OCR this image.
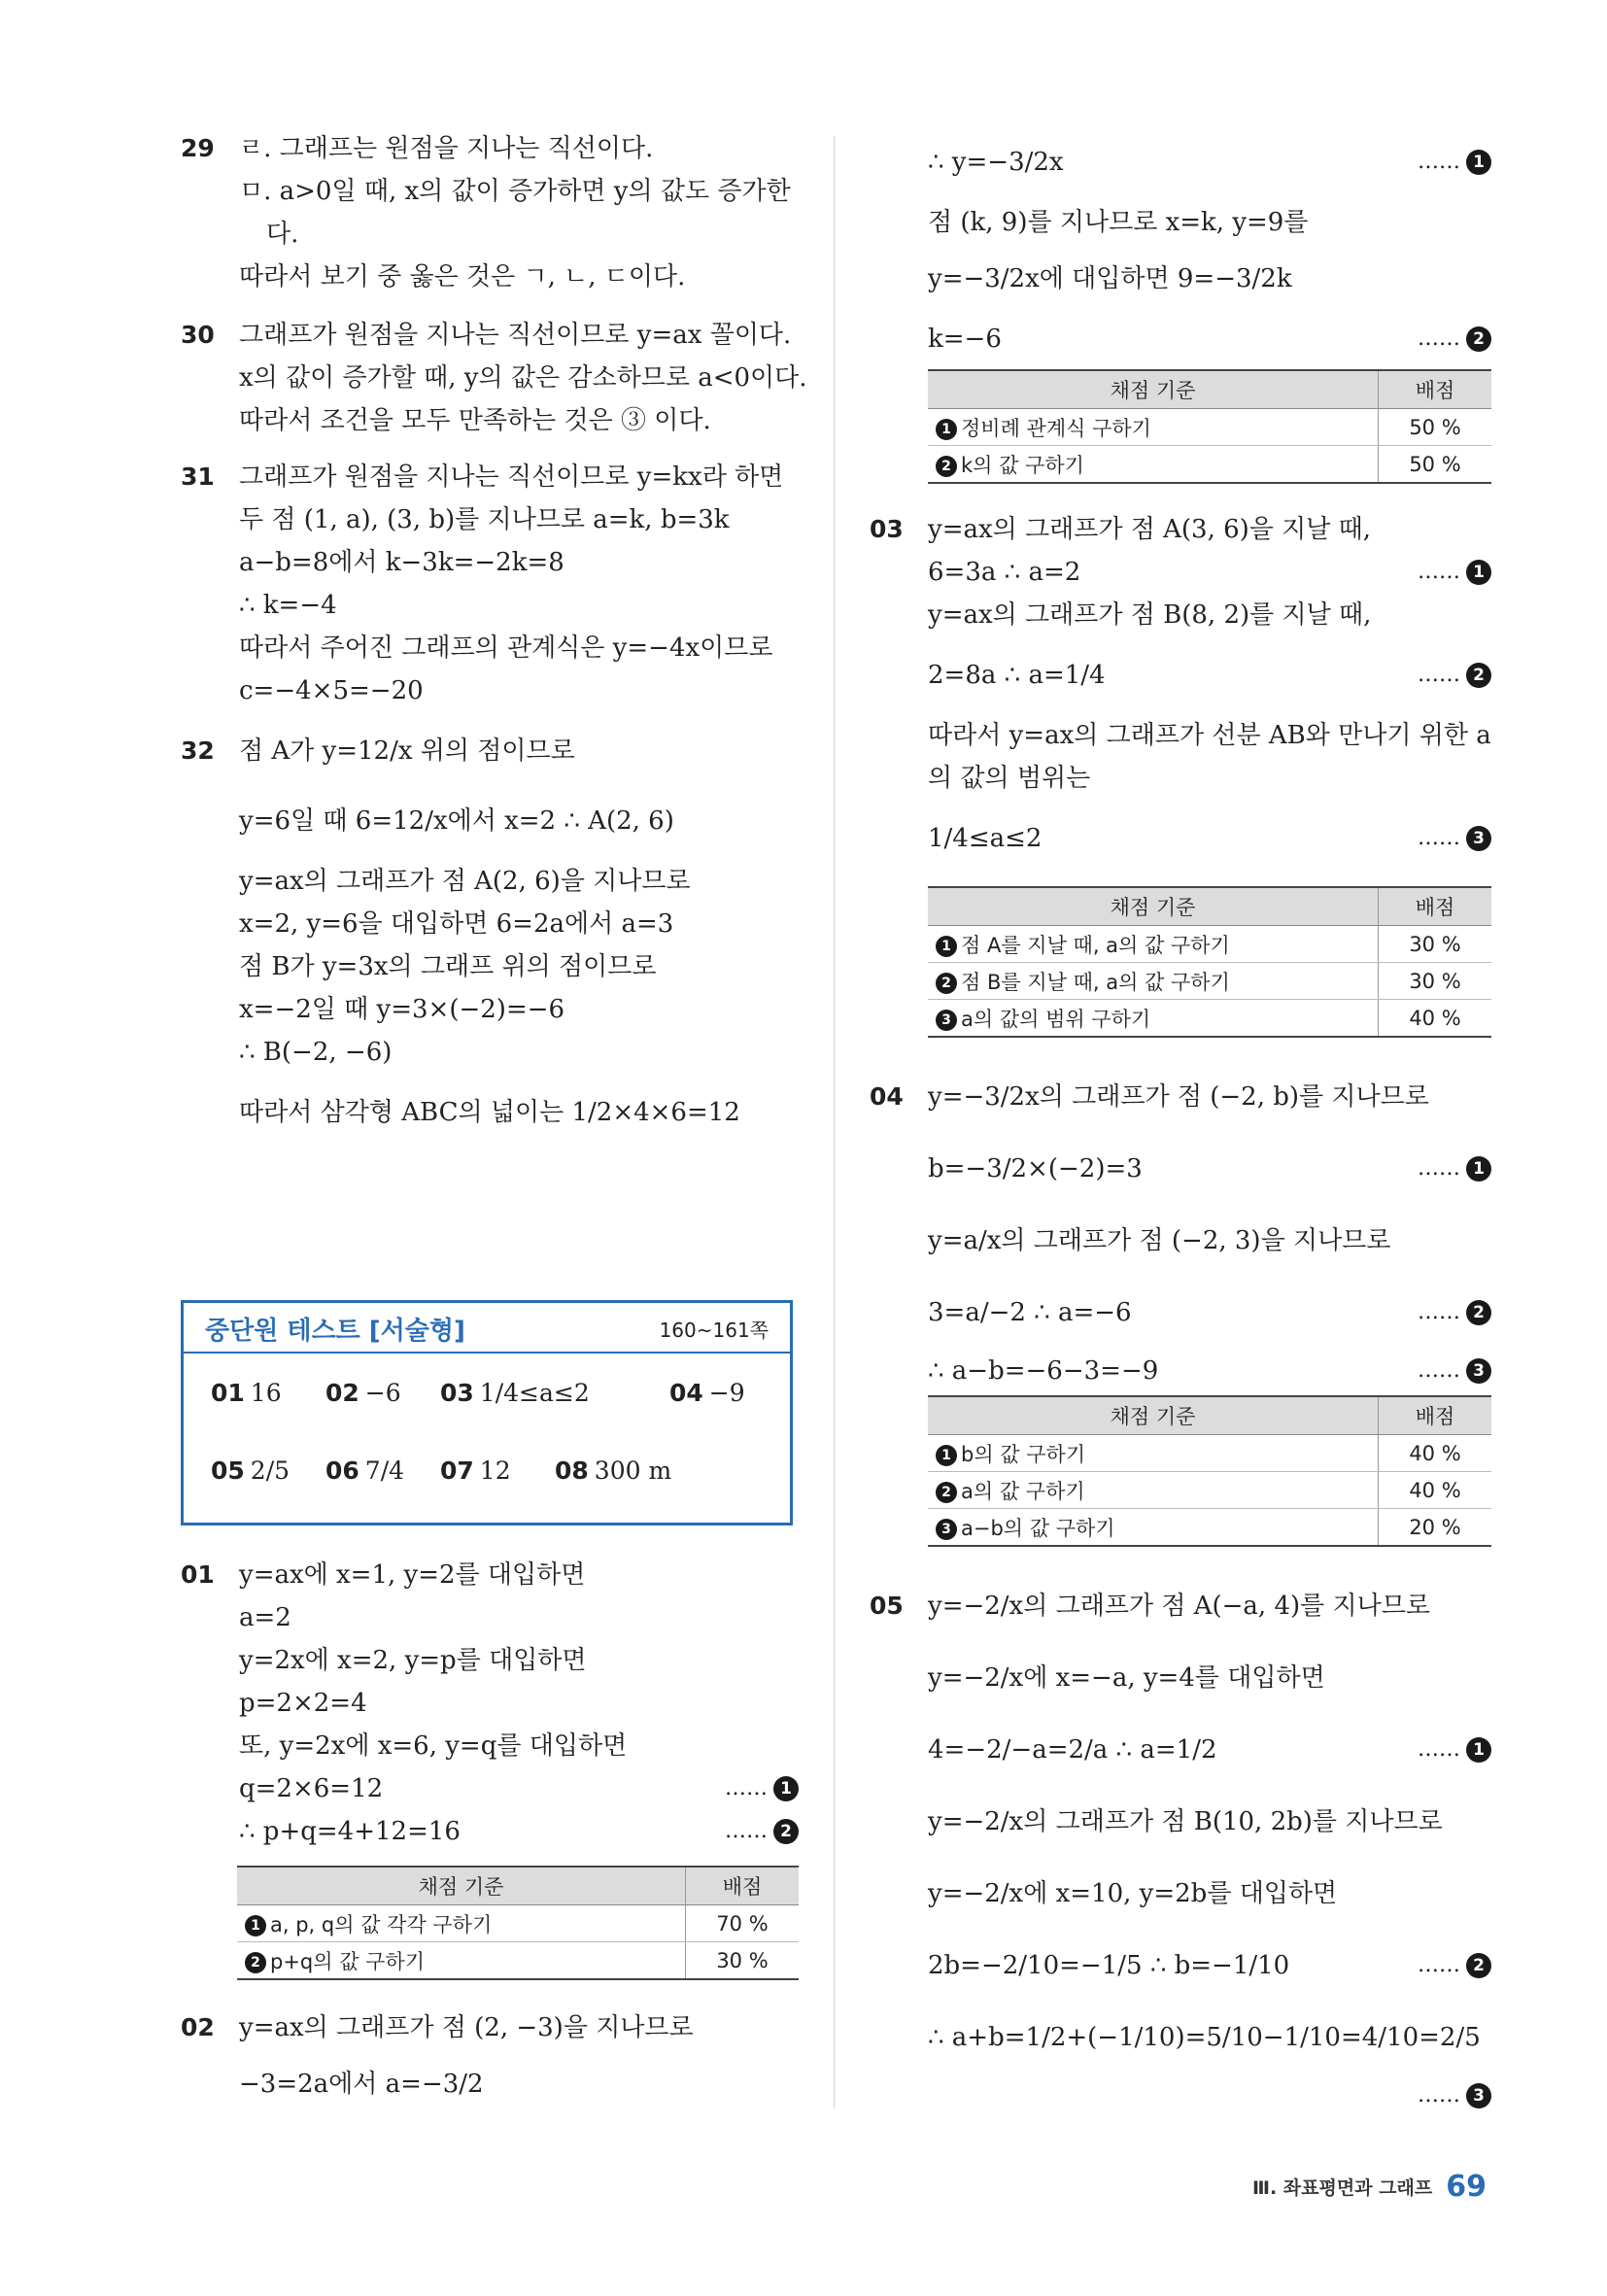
29 ㄹ. 그래프는 원점을 지나는 직선이다.
ㅁ. a>0일 때, x의 값이 증가하면 y의 값도 증가한
다.
따라서 보기 중 옳은 것은 ㄱ, ㄴ, ㄷ이다.
30 그래프가 원점을 지나는 직선이므로 y=ax 꼴이다.
x의 값이 증가할 때, y의 값은 감소하므로 a<0이다.
따라서 조건을 모두 만족하는 것은 ③ 이다.
31 그래프가 원점을 지나는 직선이므로 y=kx라 하면
두 점 (1, a), (3, b)를 지나므로 a=k, b=3k
a−b=8에서 k−3k=−2k=8
∴ k=−4
따라서 주어진 그래프의 관계식은 y=−4x이므로
c=−4×5=−20
32 점 A가 y=12/x 위의 점이므로
y=6일 때 6=12/x에서 x=2 ∴ A(2, 6)
y=ax의 그래프가 점 A(2, 6)을 지나므로
x=2, y=6을 대입하면 6=2a에서 a=3
점 B가 y=3x의 그래프 위의 점이므로
x=−2일 때 y=3×(−2)=−6
∴ B(−2, −6)
따라서 삼각형 ABC의 넓이는 1/2×4×6=12
중단원 테스트 [서술형]	160~161쪽
01 16 02 −6 03 1/4≤a≤2	04 −9
05 2/5 06 7/4 07 12 08 300 m
01 y=ax에 x=1, y=2를 대입하면
a=2
y=2x에 x=2, y=p를 대입하면
p=2×2=4
또, y=2x에 x=6, y=q를 대입하면
q=2×6=12	…… 1
∴ p+q=4+12=16	…… 2
채점 기준	배점
1 a, p, q의 값 각각 구하기	70 %
2 p+q의 값 구하기	30 %
02 y=ax의 그래프가 점 (2, −3)을 지나므로
−3=2a에서 a=−3/2
∴ y=−3/2x	…… 1
점 (k, 9)를 지나므로 x=k, y=9를
y=−3/2x에 대입하면 9=−3/2k
k=−6	…… 2
채점 기준	배점
1 정비례 관계식 구하기	50 %
2 k의 값 구하기	50 %
03 y=ax의 그래프가 점 A(3, 6)을 지날 때,
6=3a ∴ a=2	…… 1
y=ax의 그래프가 점 B(8, 2)를 지날 때,
2=8a ∴ a=1/4	…… 2
따라서 y=ax의 그래프가 선분 AB와 만나기 위한 a
의 값의 범위는
1/4≤a≤2	…… 3
채점 기준	배점
1 점 A를 지날 때, a의 값 구하기	30 %
2 점 B를 지날 때, a의 값 구하기	30 %
3 a의 값의 범위 구하기	40 %
04 y=−3/2x의 그래프가 점 (−2, b)를 지나므로
b=−3/2×(−2)=3	…… 1
y=a/x의 그래프가 점 (−2, 3)을 지나므로
3=a/−2 ∴ a=−6	…… 2
∴ a−b=−6−3=−9	…… 3
채점 기준	배점
1 b의 값 구하기	40 %
2 a의 값 구하기	40 %
3 a−b의 값 구하기	20 %
05 y=−2/x의 그래프가 점 A(−a, 4)를 지나므로
y=−2/x에 x=−a, y=4를 대입하면
4=−2/−a=2/a ∴ a=1/2	…… 1
y=−2/x의 그래프가 점 B(10, 2b)를 지나므로
y=−2/x에 x=10, y=2b를 대입하면
2b=−2/10=−1/5 ∴ b=−1/10	…… 2
∴ a+b=1/2+(−1/10)=5/10−1/10=4/10=2/5
…… 3
Ⅲ. 좌표평면과 그래프 69
